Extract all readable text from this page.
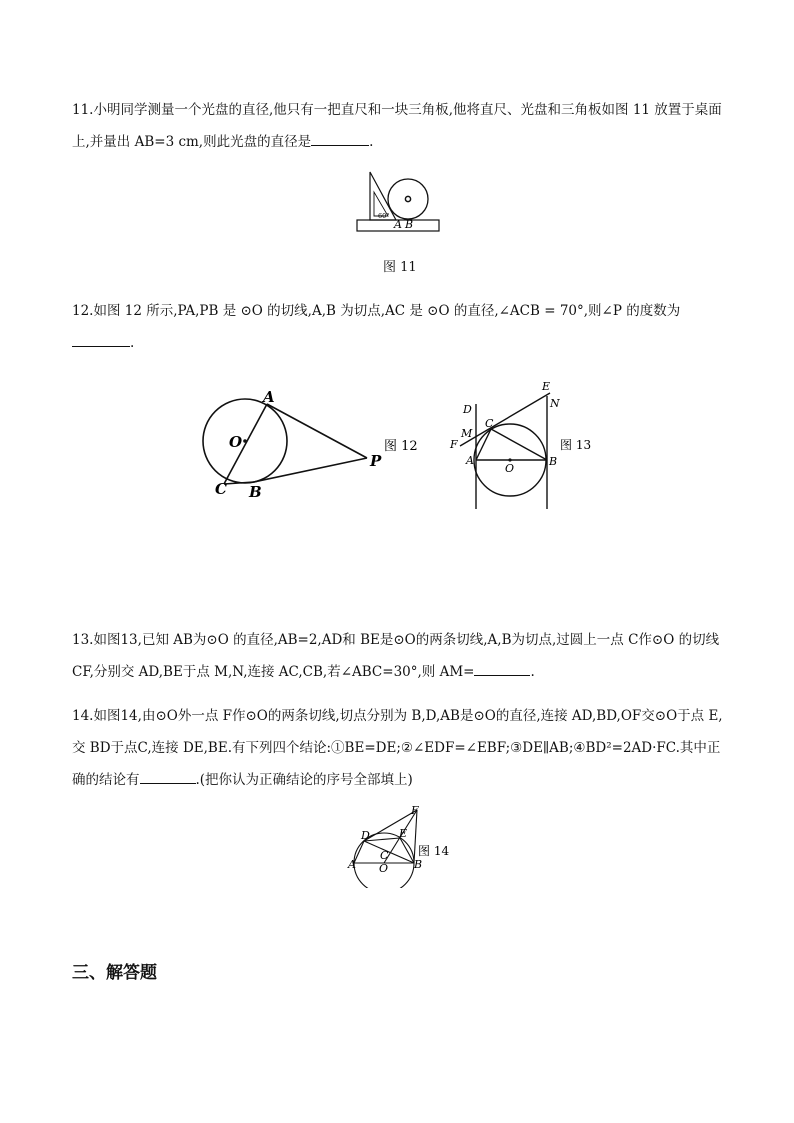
11.小明同学测量一个光盘的直径,他只有一把直尺和一块三角板,他将直尺、光盘和三角板如图 11 放置于桌面上,并量出 AB=3 cm,则此光盘的直径是	.
60°
A B
图 11
12.如图 12 所示,PA,PB 是 ⊙O 的切线,A,B 为切点,AC 是 ⊙O 的直径,∠ACB = 70°,则∠P 的度数为.
A
O
C B
P
图 12
E
N
D
M
C
F
A	B
O
图 13
13.如图13,已知 AB为⊙O 的直径,AB=2,AD和 BE是⊙O的两条切线,A,B为切点,过圆上一点 C作⊙O 的切线 CF,分别交 AD,BE于点 M,N,连接 AC,CB,若∠ABC=30°,则 AM=	.
14.如图14,由⊙O外一点 F作⊙O的两条切线,切点分别为 B,D,AB是⊙O的直径,连接 AD,BD,OF交⊙O于点 E,交 BD于点C,连接 DE,BE.有下列四个结论:①BE=DE;②∠EDF=∠EBF;③DE∥AB;④BD²=2AD·FC.其中正确的结论有	.(把你认为正确结论的序号全部填上)
F
D	E
C
A	B
O
图 14
三、解答题
